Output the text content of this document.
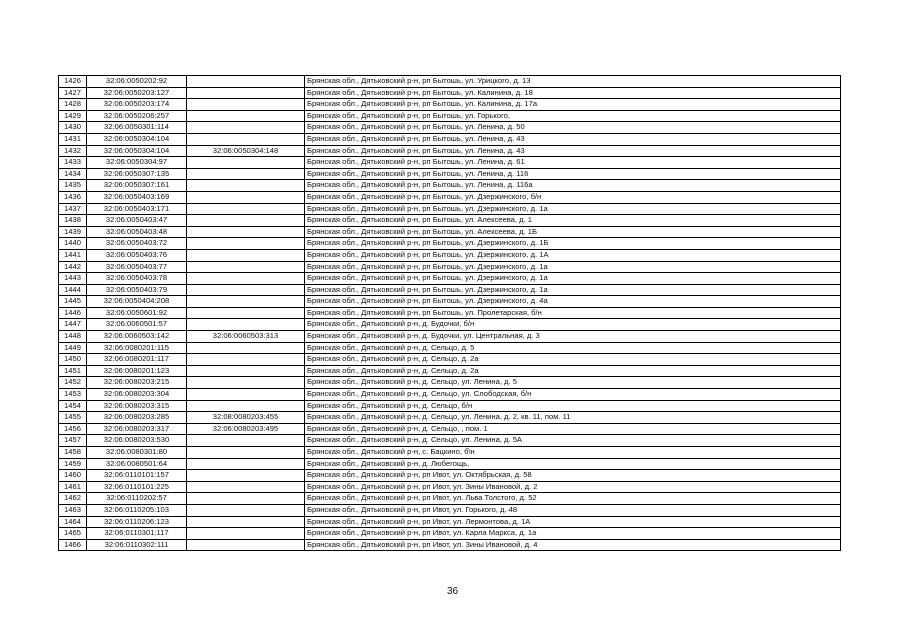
1426	32:06:0050202:92		Брянская обл., Дятьковский р-н, рп Бытошь, ул. Урицкого, д. 13
1427	32:06:0050203:127		Брянская обл., Дятьковский р-н, рп Бытошь, ул. Калинина, д. 18
1428	32:06:0050203:174		Брянская обл., Дятьковский р-н, рп Бытошь, ул. Калинина, д. 17а
1429	32:06:0050206:257		Брянская обл., Дятьковский р-н, рп Бытошь, ул. Горького,
1430	32:06:0050301:114		Брянская обл., Дятьковский р-н, рп Бытошь, ул. Ленина, д. 50
1431	32:06:0050304:104		Брянская обл., Дятьковский р-н, рп Бытошь, ул. Ленина, д. 43
1432	32:06:0050304:104	32:06:0050304:148	Брянская обл., Дятьковский р-н, рп Бытошь, ул. Ленина, д. 43
1433	32:06:0050304:97		Брянская обл., Дятьковский р-н, рп Бытошь, ул. Ленина, д. 61
1434	32:06:0050307:135		Брянская обл., Дятьковский р-н, рп Бытошь, ул. Ленина, д. 116
1435	32:06:0050307:161		Брянская обл., Дятьковский р-н, рп Бытошь, ул. Ленина, д. 116а
1436	32:06:0050403:169		Брянская обл., Дятьковский р-н, рп Бытошь, ул. Дзержинского, б/н
1437	32:06:0050403:171		Брянская обл., Дятьковский р-н, рп Бытошь, ул. Дзержинского, д. 1а
1438	32:06:0050403:47		Брянская обл., Дятьковский р-н, рп Бытошь, ул. Алексеева, д. 1
1439	32:06:0050403:48		Брянская обл., Дятьковский р-н, рп Бытошь, ул. Алексеева, д. 1Б
1440	32:06:0050403:72		Брянская обл., Дятьковский р-н, рп Бытошь, ул. Дзержинского, д. 1Б
1441	32:06:0050403:76		Брянская обл., Дятьковский р-н, рп Бытошь, ул. Дзержинского, д. 1А
1442	32:06:0050403:77		Брянская обл., Дятьковский р-н, рп Бытошь, ул. Дзержинского, д. 1а
1443	32:06:0050403:78		Брянская обл., Дятьковский р-н, рп Бытошь, ул. Дзержинского, д. 1а
1444	32:06:0050403:79		Брянская обл., Дятьковский р-н, рп Бытошь, ул. Дзержинского, д. 1а
1445	32:06:0050404:208		Брянская обл., Дятьковский р-н, рп Бытошь, ул. Дзержинского, д. 4а
1446	32:06:0050601:92		Брянская обл., Дятьковский р-н, рп Бытошь, ул. Пролетарская, б/н
1447	32:06:0060501:57		Брянская обл., Дятьковский р-н, д. Будочки, б/н
1448	32:06:0060503:142	32:06:0060503:313	Брянская обл., Дятьковский р-н, д. Будочки, ул. Центральная, д. 3
1449	32:06:0080201:115		Брянская обл., Дятьковский р-н, д. Сельцо, д. 5
1450	32:06:0080201:117		Брянская обл., Дятьковский р-н, д. Сельцо, д. 2а
1451	32:06:0080201:123		Брянская обл., Дятьковский р-н, д. Сельцо, д. 2а
1452	32:06:0080203:215		Брянская обл., Дятьковский р-н, д. Сельцо, ул. Ленина, д. 5
1453	32:06:0080203:304		Брянская обл., Дятьковский р-н, д. Сельцо, ул. Слободская, б/н
1454	32:06:0080203:315		Брянская обл., Дятьковский р-н, д. Сельцо, б/н
1455	32:06:0080203:285	32:08:0080203:455	Брянская обл., Дятьковский р-н, д. Сельцо, ул. Ленина, д. 2, кв. 11, пом. 11
1456	32:06:0080203:317	32:06:0080203:495	Брянская обл., Дятьковский р-н, д. Сельцо, , пом. 1
1457	32:06:0080203:530		Брянская обл., Дятьковский р-н, д. Сельцо, ул. Ленина, д. 5А
1458	32:06:0080301:80		Брянская обл., Дятьковский р-н, с. Бацкино, б\н
1459	32:06:0080501:64		Брянская обл., Дятьковский р-н, д. Любегощь,
1460	32:06:0110101:157		Брянская обл., Дятьковский р-н, рп Ивот, ул. Октябрьская, д. 58
1461	32:06:0110101:225		Брянская обл., Дятьковский р-н, рп Ивот, ул. Зины Ивановой, д. 2
1462	32:06:0110202:57		Брянская обл., Дятьковский р-н, рп Ивот, ул. Льва Толстого, д. 52
1463	32:06:0110205:103		Брянская обл., Дятьковский р-н, рп Ивот, ул. Горького, д. 48
1464	32:06:0110206:123		Брянская обл., Дятьковский р-н, рп Ивот, ул. Лермонтова, д. 1А
1465	32:06:0110301:117		Брянская обл., Дятьковский р-н, рп Ивот, ул. Карла Маркса, д. 1а
1466	32:06:0110302:111		Брянская обл., Дятьковский р-н, рп Ивот, ул. Зины Ивановой, д. 4
36
